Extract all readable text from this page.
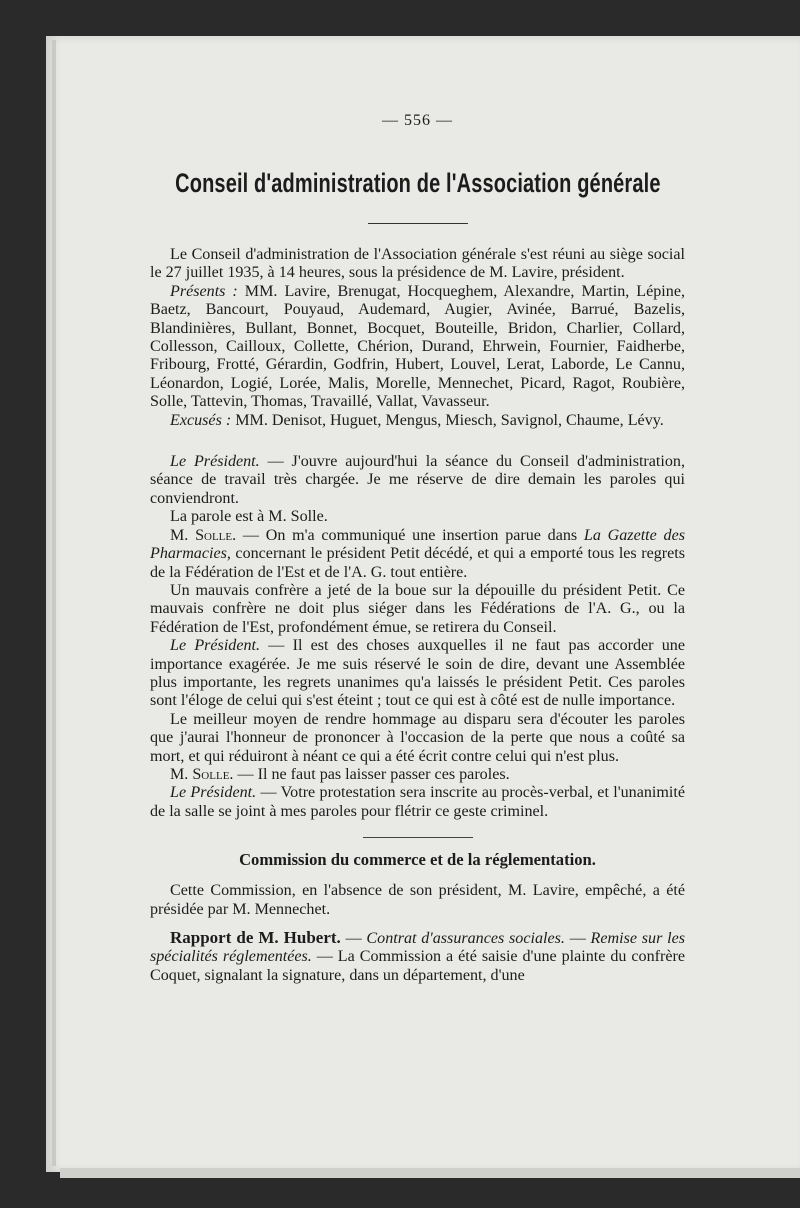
— 556 —
Conseil d'administration de l'Association générale

Le Conseil d'administration de l'Association générale s'est réuni au siège social le 27 juillet 1935, à 14 heures, sous la présidence de M. Lavire, président.

Présents : MM. Lavire, Brenugat, Hocqueghem, Alexandre, Martin, Lépine, Baetz, Bancourt, Pouyaud, Audemard, Augier, Avinée, Barrué, Bazelis, Blandinières, Bullant, Bonnet, Bocquet, Bouteille, Bridon, Charlier, Collard, Collesson, Cailloux, Collette, Chérion, Durand, Ehrwein, Fournier, Faidherbe, Fribourg, Frotté, Gérardin, Godfrin, Hubert, Louvel, Lerat, Laborde, Le Cannu, Léonardon, Logié, Lorée, Malis, Morelle, Mennechet, Picard, Ragot, Roubière, Solle, Tattevin, Thomas, Travaillé, Vallat, Vavasseur.

Excusés : MM. Denisot, Huguet, Mengus, Miesch, Savignol, Chaume, Lévy.

Le Président. — J'ouvre aujourd'hui la séance du Conseil d'administration, séance de travail très chargée. Je me réserve de dire demain les paroles qui conviendront.

La parole est à M. Solle.

M. Solle. — On m'a communiqué une insertion parue dans La Gazette des Pharmacies, concernant le président Petit décédé, et qui a emporté tous les regrets de la Fédération de l'Est et de l'A. G. tout entière.

Un mauvais confrère a jeté de la boue sur la dépouille du président Petit. Ce mauvais confrère ne doit plus siéger dans les Fédérations de l'A. G., ou la Fédération de l'Est, profondément émue, se retirera du Conseil.

Le Président. — Il est des choses auxquelles il ne faut pas accorder une importance exagérée. Je me suis réservé le soin de dire, devant une Assemblée plus importante, les regrets unanimes qu'a laissés le président Petit. Ces paroles sont l'éloge de celui qui s'est éteint ; tout ce qui est à côté est de nulle importance.

Le meilleur moyen de rendre hommage au disparu sera d'écouter les paroles que j'aurai l'honneur de prononcer à l'occasion de la perte que nous a coûté sa mort, et qui réduiront à néant ce qui a été écrit contre celui qui n'est plus.

M. Solle. — Il ne faut pas laisser passer ces paroles.

Le Président. — Votre protestation sera inscrite au procès-verbal, et l'unanimité de la salle se joint à mes paroles pour flétrir ce geste criminel.

Commission du commerce et de la réglementation.

Cette Commission, en l'absence de son président, M. Lavire, empêché, a été présidée par M. Mennechet.

Rapport de M. Hubert. — Contrat d'assurances sociales. — Remise sur les spécialités réglementées. — La Commission a été saisie d'une plainte du confrère Coquet, signalant la signature, dans un département, d'une
